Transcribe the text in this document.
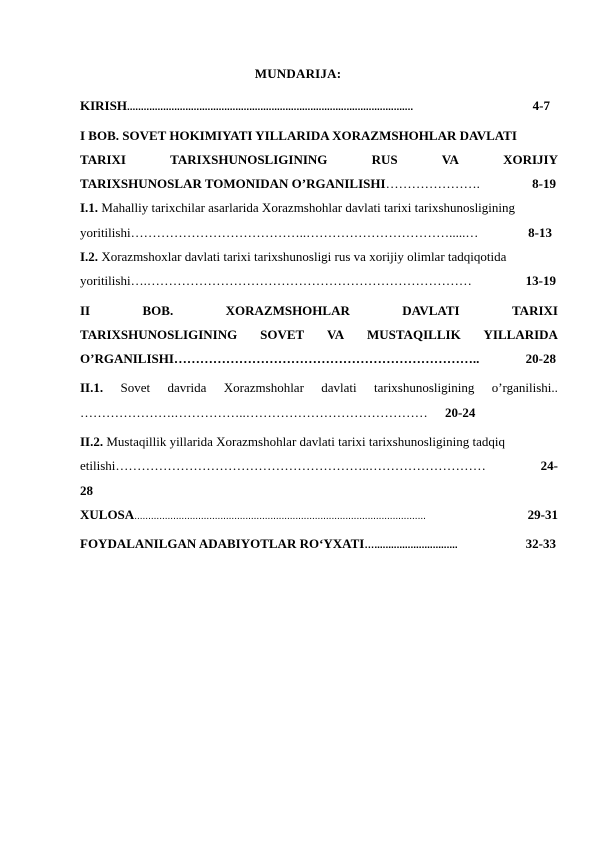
MUNDARIJA:
KIRISH.......................................................................................................	4-7
I BOB. SOVET HOKIMIYATI YILLARIDA XORAZMSHOHLAR DAVLATI
TARIXI	TARIXSHUNOSLIGINING	RUS	VA	XORIJIY
TARIXSHUNOSLAR TOMONIDAN O’RGANILISHI………………….	8-19
I.1. Mahalliy tarixchilar asarlarida Xorazmshohlar davlati tarixi tarixshunosligining
yoritilishi…………………………………..…………………………….....…	8-13
I.2. Xorazmshoxlar davlati tarixi tarixshunosligi rus va xorijiy olimlar tadqiqotida
yoritilishi….…………………………………………………………………	13-19
II	BOB.	XORAZMSHOHLAR	DAVLATI	TARIXI
TARIXSHUNOSLIGINING SOVET VA MUSTAQILLIK YILLARIDA
O’RGANILISHI……………………………………………………………..	20-28
II.1. Sovet davrida Xorazmshohlar davlati tarixshunosligining o’rganilishi..
………………….……………..…………………………………… 20-24
II.2. Mustaqillik yillarida Xorazmshohlar davlati tarixi tarixshunosligining tadqiq
etilishi…………………………………………………..………………………	24-
28
XULOSA.........................................................................................................	29-31
FOYDALANILGAN ADABIYOTLAR RO‘YXATI…..............................	32-33
